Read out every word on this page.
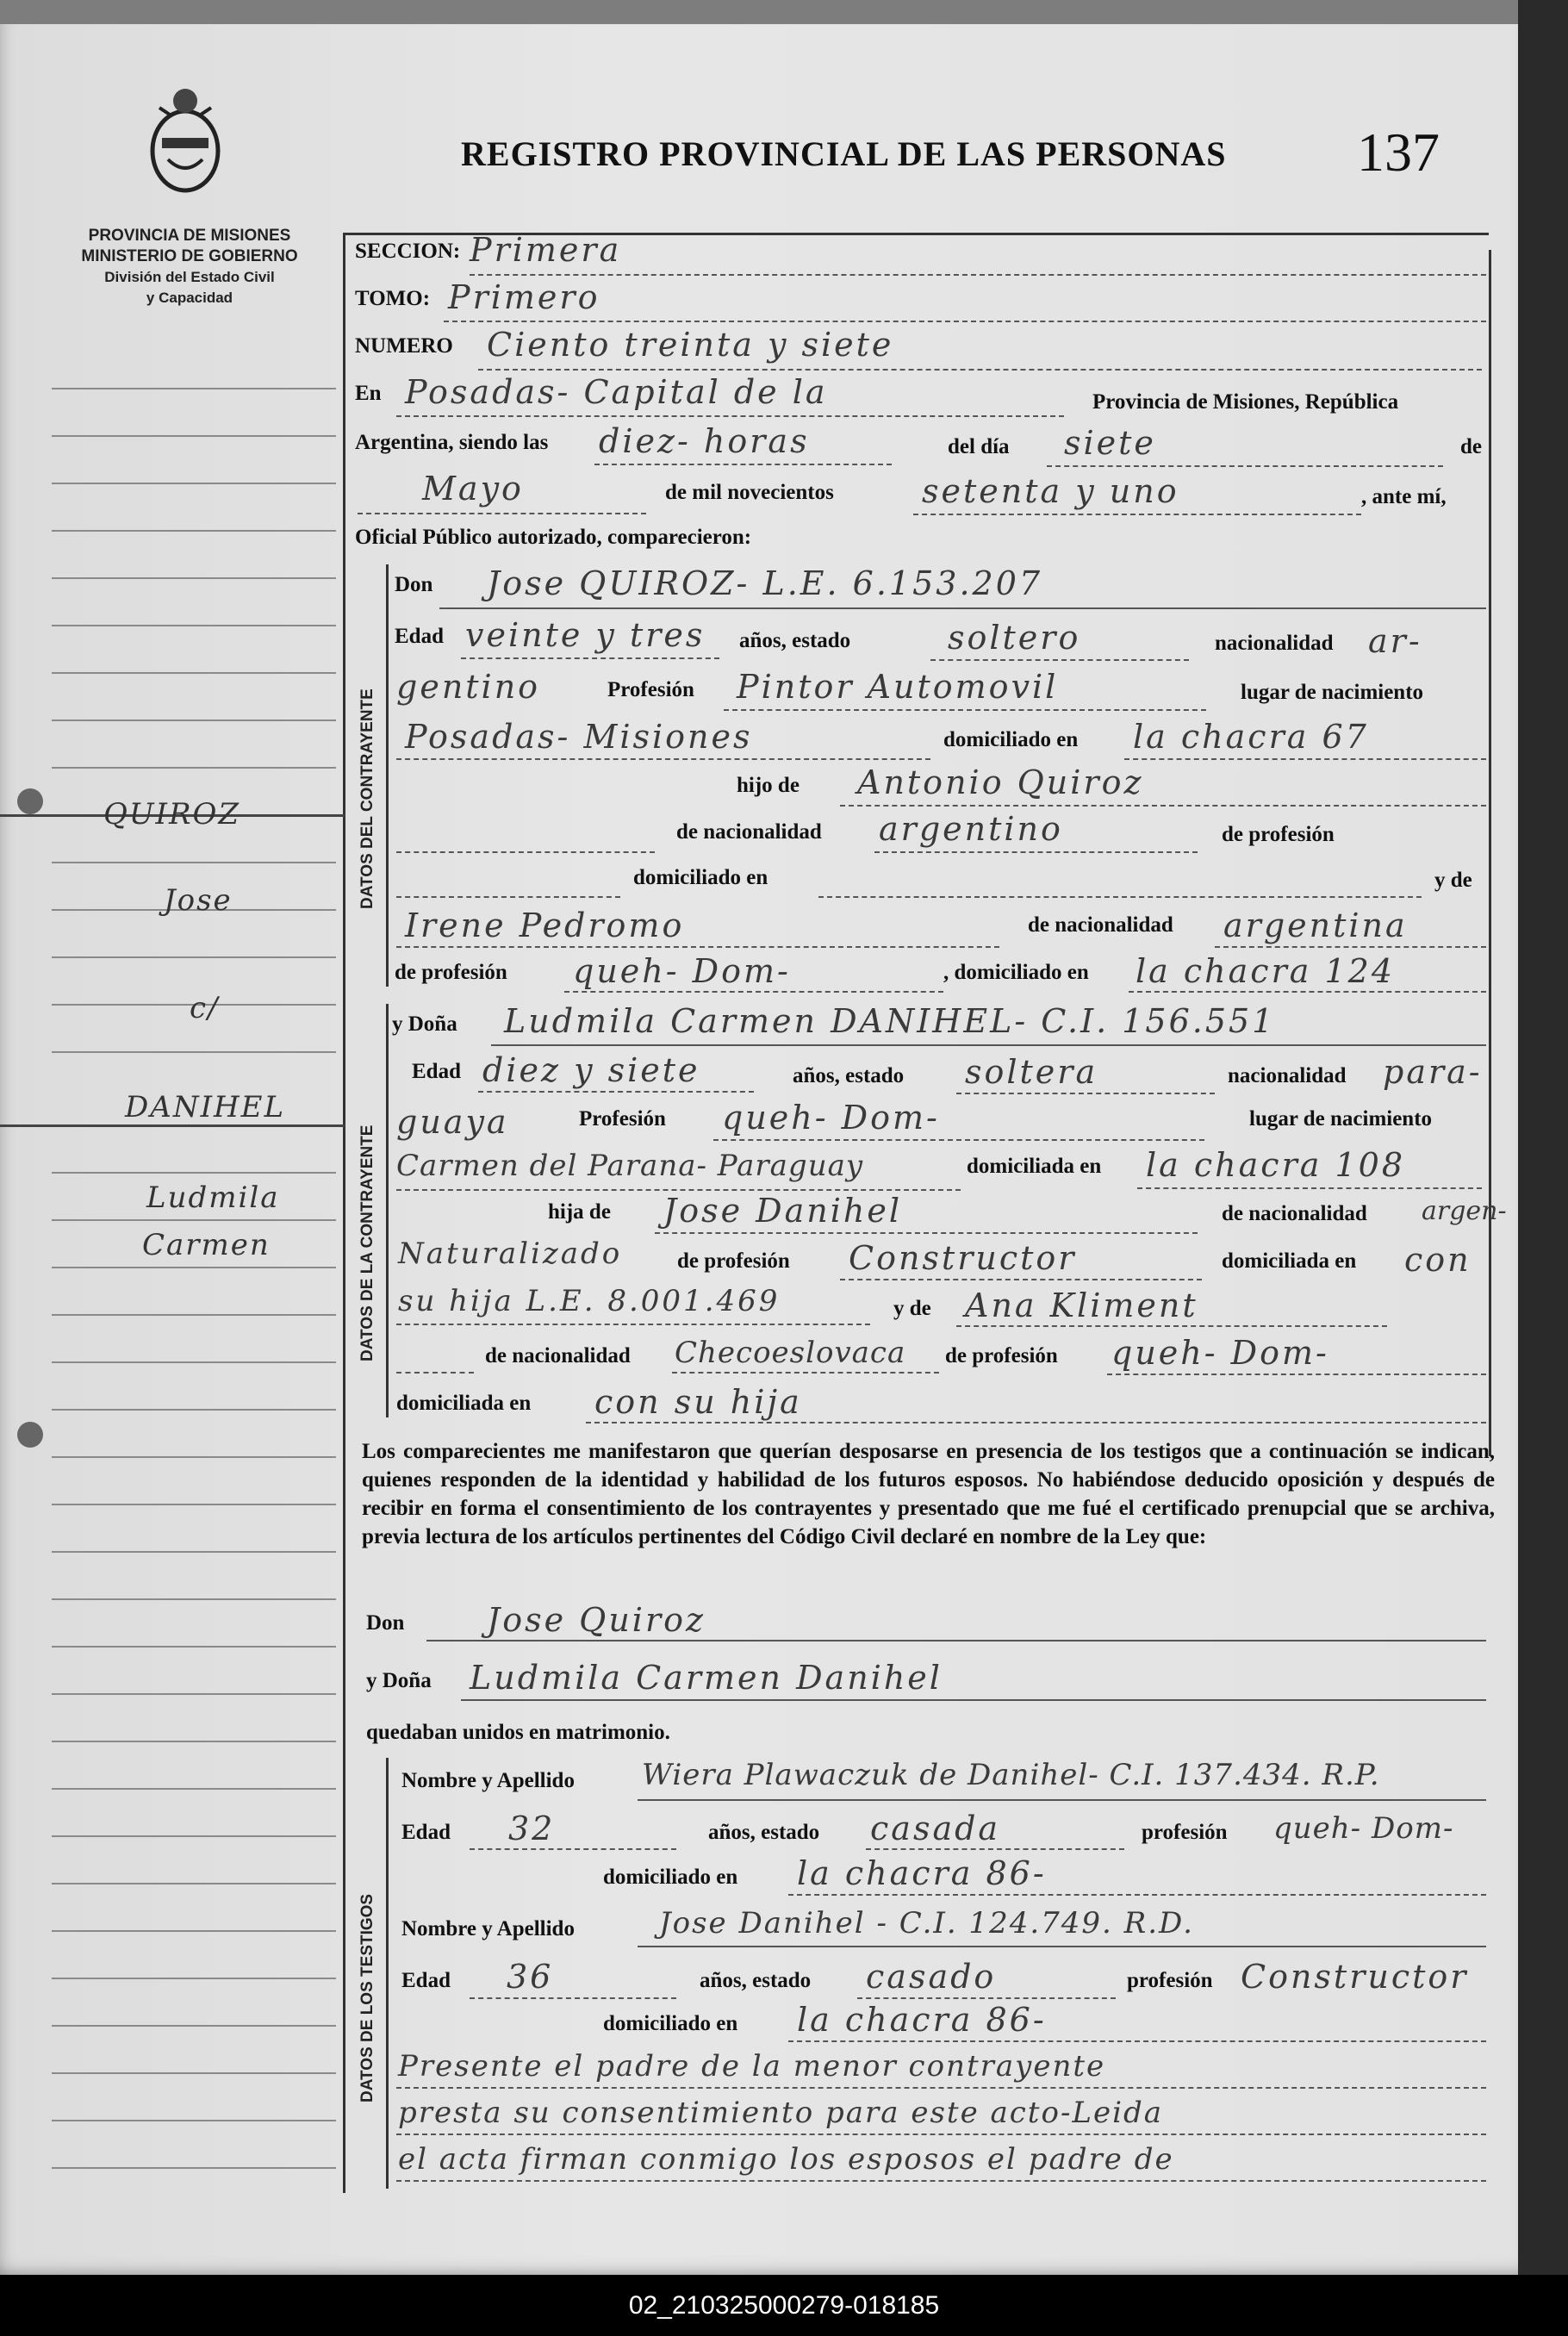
PROVINCIA DE MISIONES
MINISTERIO DE GOBIERNO
División del Estado Civil
y Capacidad
REGISTRO PROVINCIAL DE LAS PERSONAS 137
QUIROZ
Jose
c/
DANIHEL
Ludmila
Carmen
SECCION: Primera
TOMO: Primero
NUMERO Ciento treinta y siete
En Posadas- Capital de la	Provincia de Misiones, República
Argentina, siendo las diez- horas	del día siete	de
Mayo	de mil novecientos	setenta y uno	, ante mí,
Oficial Público autorizado, comparecieron:
DATOS DEL CONTRAYENTE
Don Jose QUIROZ- L.E. 6.153.207
Edad veinte y tres años, estado	soltero	nacionalidad ar-
gentino	Profesión Pintor Automovil	lugar de nacimiento
Posadas- Misiones	domiciliado en la chacra 67
hijo de Antonio Quiroz
de nacionalidad argentino	de profesión
domiciliado en	y de
Irene Pedromo	de nacionalidad argentina
de profesión queh- Dom-	, domiciliado en la chacra 124
DATOS DE LA CONTRAYENTE
y Doña Ludmila Carmen DANIHEL- C.I. 156.551
Edad diez y siete	años, estado soltera	nacionalidad para-
guaya	Profesión queh- Dom-	lugar de nacimiento
Carmen del Parana- Paraguay	domiciliada en la chacra 108
hija de Jose Danihel	de nacionalidad argen-
Naturalizado	de profesión Constructor	domiciliada en con
su hija L.E. 8.001.469	y de Ana Kliment
de nacionalidad Checoeslovaca de profesión queh- Dom-
domiciliada en con su hija
Los comparecientes me manifestaron que querían desposarse en presencia de los testigos que a continuación se indican, quienes responden de la identidad y habilidad de los futuros esposos. No habiéndose deducido oposición y después de recibir en forma el consentimiento de los contrayentes y presentado que me fué el certificado prenupcial que se archiva, previa lectura de los artículos pertinentes del Código Civil declaré en nombre de la Ley que:
Don	Jose Quiroz
y Doña Ludmila Carmen Danihel
quedaban unidos en matrimonio.
DATOS DE LOS TESTIGOS
Nombre y Apellido Wiera Plawaczuk de Danihel- C.I. 137.434. R.P.
Edad 32	años, estado casada	profesión queh- Dom-
domiciliado en la chacra 86-
Nombre y Apellido	Jose Danihel - C.I. 124.749. R.D.
Edad 36	años, estado casado	profesión Constructor
domiciliado en la chacra 86-
Presente el padre de la menor contrayente
presta su consentimiento para este acto-Leida
el acta firman conmigo los esposos el padre de
02_210325000279-018185
